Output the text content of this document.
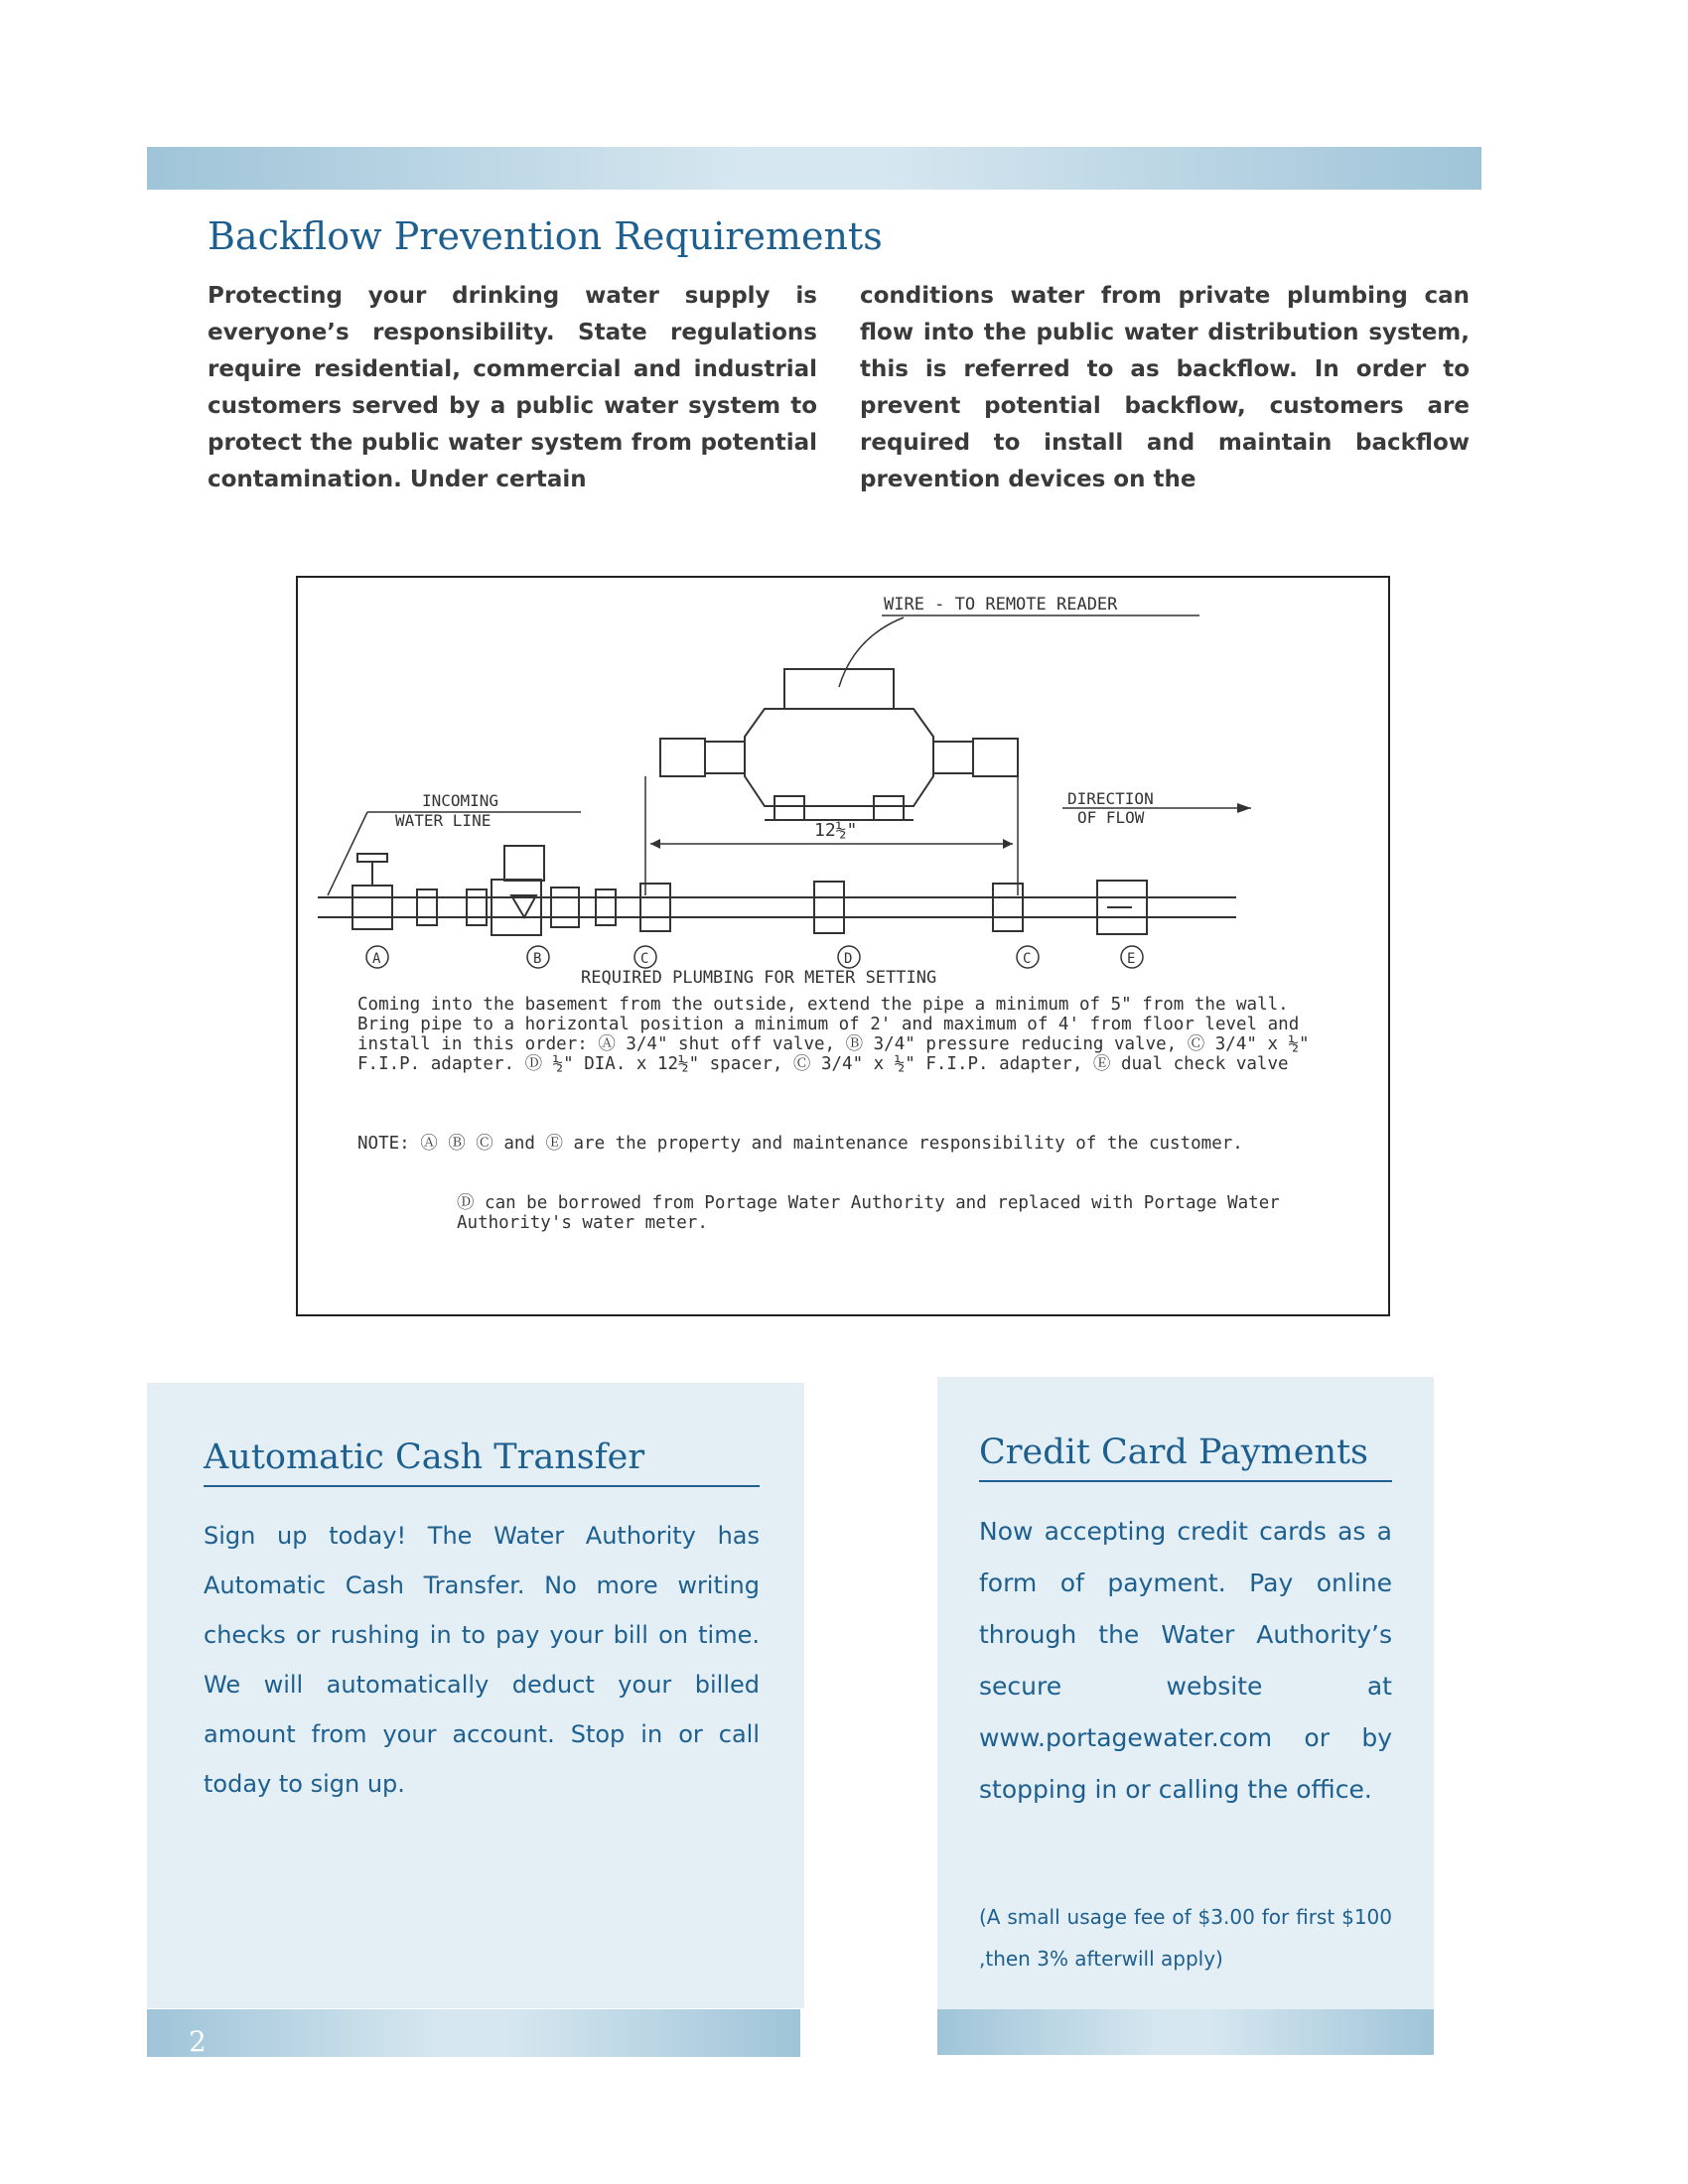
Backflow Prevention Requirements

Protecting your drinking water supply is everyone’s responsibility. State regulations require residential, commercial and industrial customers served by a public water system to protect the public water system from potential contamination. Under certain

conditions water from private plumbing can flow into the public water distribution system, this is referred to as backflow. In order to prevent potential backflow, customers are required to install and maintain backflow prevention devices on the

WIRE - TO REMOTE READER
12½"
INCOMING
WATER LINE
DIRECTION
OF FLOW
A	B	C	D	C	E
REQUIRED PLUMBING FOR METER SETTING

Coming into the basement from the outside, extend the pipe a minimum of 5" from the wall. Bring pipe to a horizontal position a minimum of 2' and maximum of 4' from floor level and install in this order: Ⓐ 3/4" shut off valve, Ⓑ 3/4" pressure reducing valve, Ⓒ 3/4" x ½" F.I.P. adapter. Ⓓ ½" DIA. x 12½" spacer, Ⓒ 3/4" x ½" F.I.P. adapter, Ⓔ dual check valve

NOTE: Ⓐ Ⓑ Ⓒ and Ⓔ are the property and maintenance responsibility of the customer.

Ⓓ can be borrowed from Portage Water Authority and replaced with Portage Water Authority's water meter.

Automatic Cash Transfer

Sign up today! The Water Authority has Automatic Cash Transfer. No more writing checks or rushing in to pay your bill on time. We will automatically deduct your billed amount from your account. Stop in or call today to sign up.

Credit Card Payments

Now accepting credit cards as a form of payment. Pay online through the Water Authority’s secure website at www.portagewater.com or by stopping in or calling the office.

(A small usage fee of $3.00 for first $100 ,then 3% afterwill apply)

2
